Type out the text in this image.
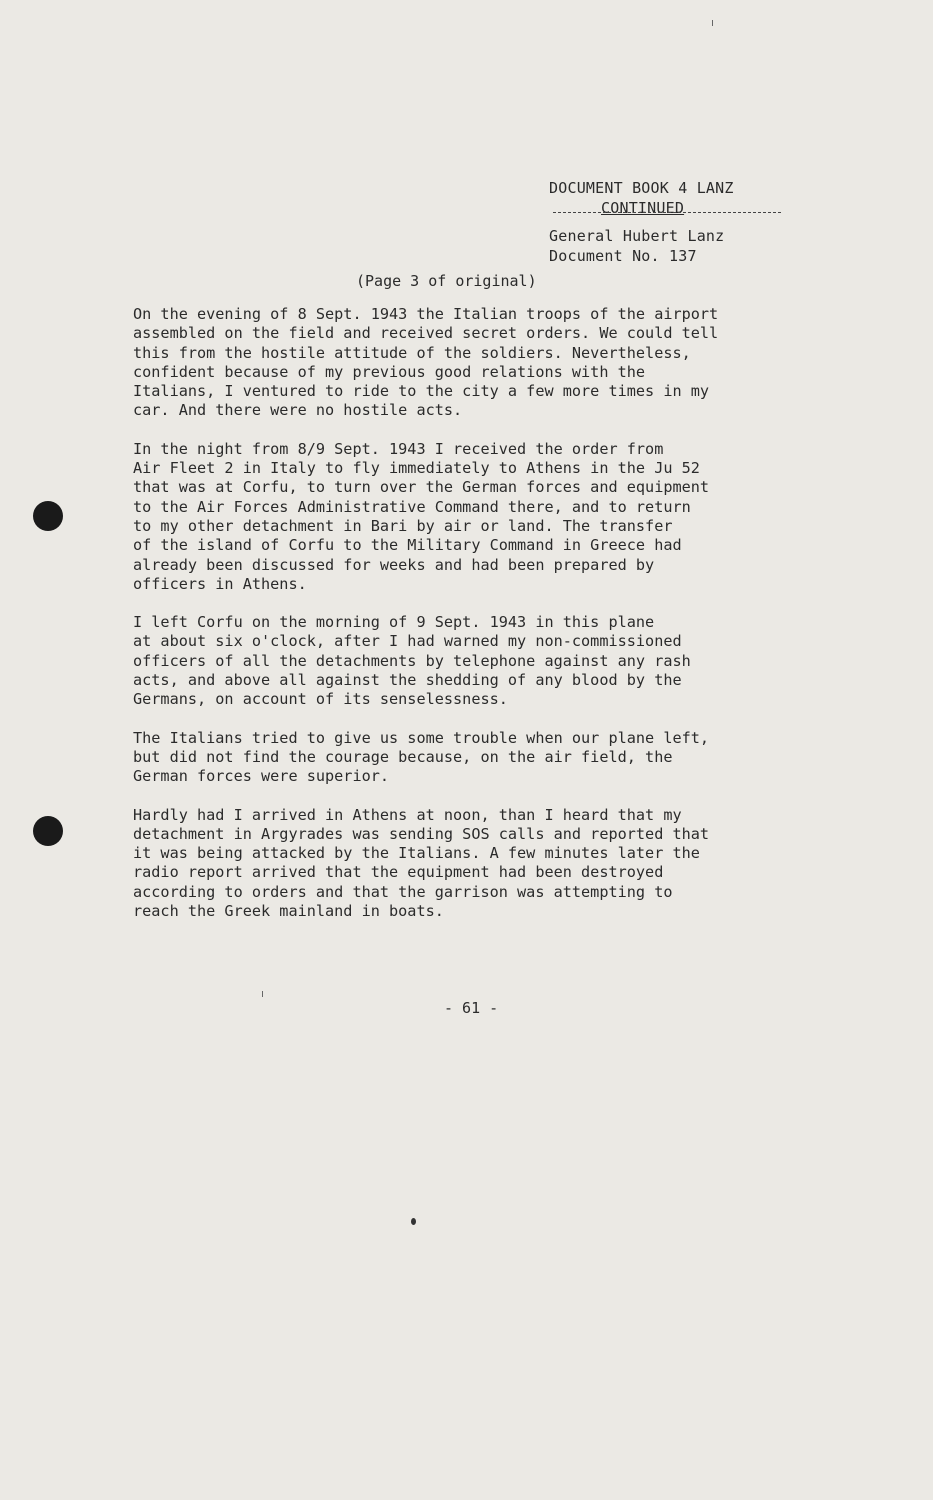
DOCUMENT BOOK 4 LANZ
CONTINUED
General Hubert Lanz
Document No. 137
(Page 3 of original)

On the evening of 8 Sept. 1943 the Italian troops of the airport
assembled on the field and received secret orders. We could tell
this from the hostile attitude of the soldiers. Nevertheless,
confident because of my previous good relations with the
Italians, I ventured to ride to the city a few more times in my
car. And there were no hostile acts.

In the night from 8/9 Sept. 1943 I received the order from
Air Fleet 2 in Italy to fly immediately to Athens in the Ju 52
that was at Corfu, to turn over the German forces and equipment
to the Air Forces Administrative Command there, and to return
to my other detachment in Bari by air or land. The transfer
of the island of Corfu to the Military Command in Greece had
already been discussed for weeks and had been prepared by
officers in Athens.

I left Corfu on the morning of 9 Sept. 1943 in this plane
at about six o'clock, after I had warned my non-commissioned
officers of all the detachments by telephone against any rash
acts, and above all against the shedding of any blood by the
Germans, on account of its senselessness.

The Italians tried to give us some trouble when our plane left,
but did not find the courage because, on the air field, the
German forces were superior.

Hardly had I arrived in Athens at noon, than I heard that my
detachment in Argyrades was sending SOS calls and reported that
it was being attacked by the Italians. A few minutes later the
radio report arrived that the equipment had been destroyed
according to orders and that the garrison was attempting to
reach the Greek mainland in boats.

- 61 -
